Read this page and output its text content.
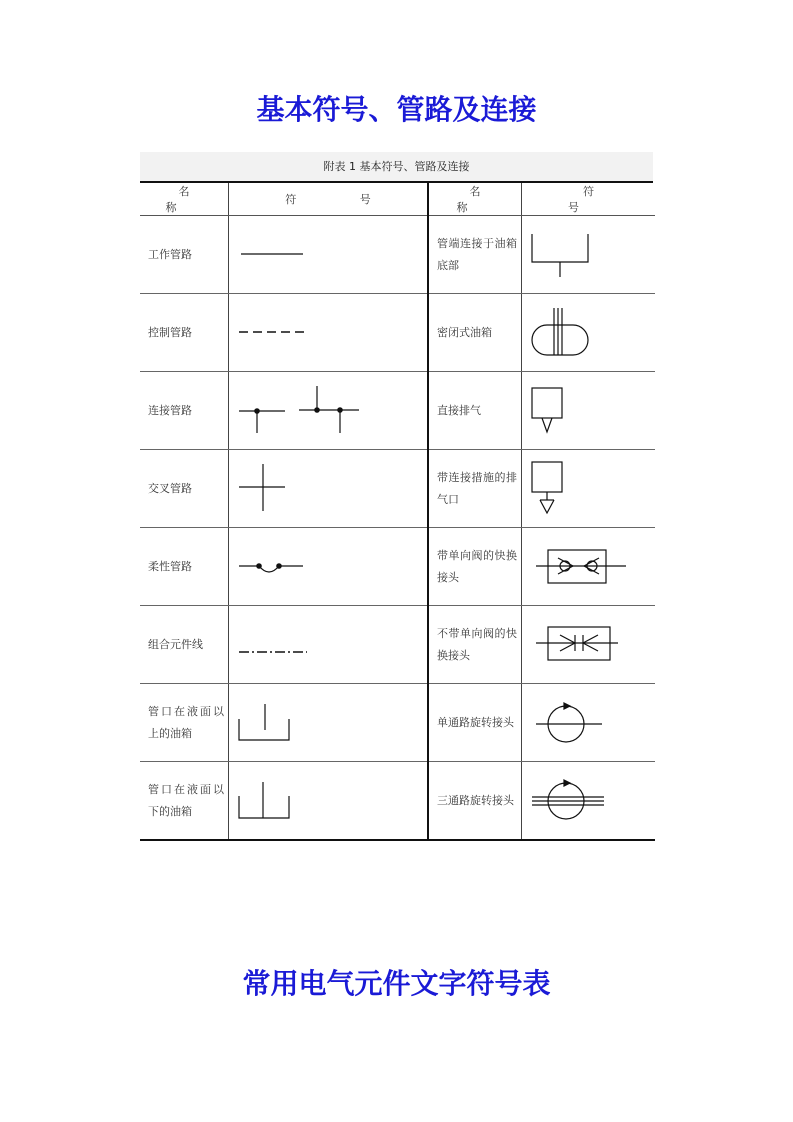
基本符号、管路及连接
附表 1 基本符号、管路及连接
名 称	符 号	名 称	符 号
工作管路		管端连接于油箱底部	

控制管路		密闭式油箱	

连接管路		直接排气	

交叉管路		带连接措施的排气口	

柔性管路		带单向阀的快换接头	

组合元件线		不带单向阀的快换接头	

管口在液面以上的油箱		单通路旋转接头	

管口在液面以下的油箱		三通路旋转接头	
常用电气元件文字符号表
